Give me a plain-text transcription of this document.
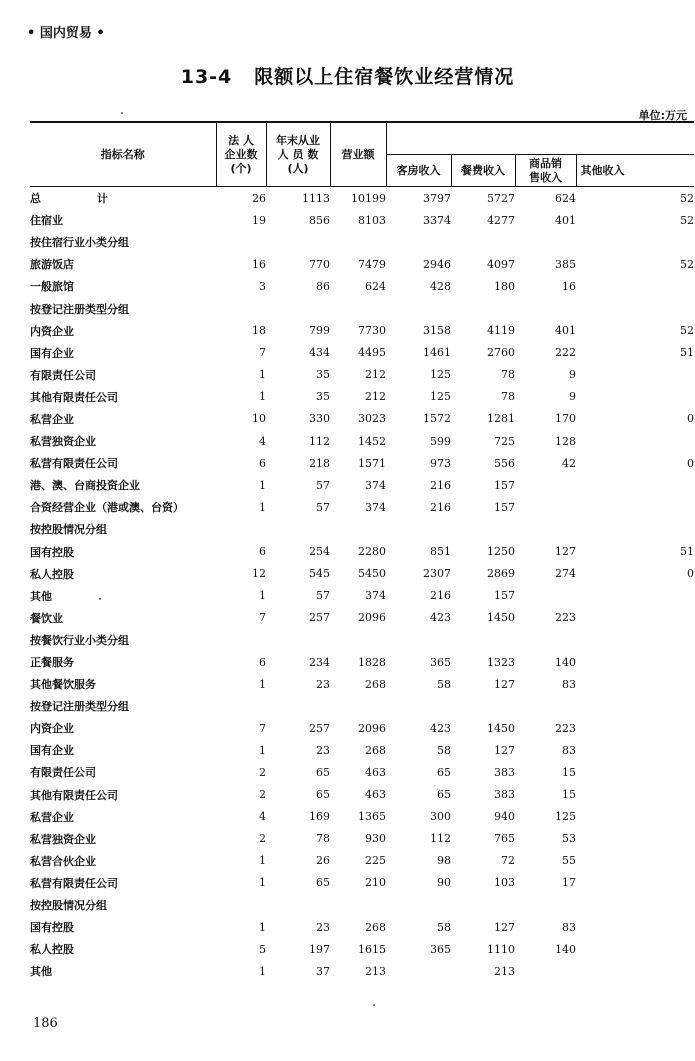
• 国内贸易 •
13-4 限额以上住宿餐饮业经营情况
单位:万元
指标名称	法 人
企业数
(个)	年末从业
人 员 数
(人)	营业额				
				客房收入	餐费收入	商品销
售收入	其他收入
总 计	26	1113	10199	3797	5727	624	52
住宿业	19	856	8103	3374	4277	401	52
按住宿行业小类分组							
旅游饭店	16	770	7479	2946	4097	385	52
一般旅馆	3	86	624	428	180	16	
按登记注册类型分组							
内资企业	18	799	7730	3158	4119	401	52
国有企业	7	434	4495	1461	2760	222	51
有限责任公司	1	35	212	125	78	9	
其他有限责任公司	1	35	212	125	78	9	
私营企业	10	330	3023	1572	1281	170	0
私营独资企业	4	112	1452	599	725	128	
私营有限责任公司	6	218	1571	973	556	42	0
港、澳、台商投资企业	1	57	374	216	157		
合资经营企业（港或澳、台资）	1	57	374	216	157		
按控股情况分组							
国有控股	6	254	2280	851	1250	127	51
私人控股	12	545	5450	2307	2869	274	0
其他	1	57	374	216	157		
餐饮业	7	257	2096	423	1450	223	
按餐饮行业小类分组							
正餐服务	6	234	1828	365	1323	140	
其他餐饮服务	1	23	268	58	127	83	
按登记注册类型分组							
内资企业	7	257	2096	423	1450	223	
国有企业	1	23	268	58	127	83	
有限责任公司	2	65	463	65	383	15	
其他有限责任公司	2	65	463	65	383	15	
私营企业	4	169	1365	300	940	125	
私营独资企业	2	78	930	112	765	53	
私营合伙企业	1	26	225	98	72	55	
私营有限责任公司	1	65	210	90	103	17	
按控股情况分组							
国有控股	1	23	268	58	127	83	
私人控股	5	197	1615	365	1110	140	
其他	1	37	213		213		
186
